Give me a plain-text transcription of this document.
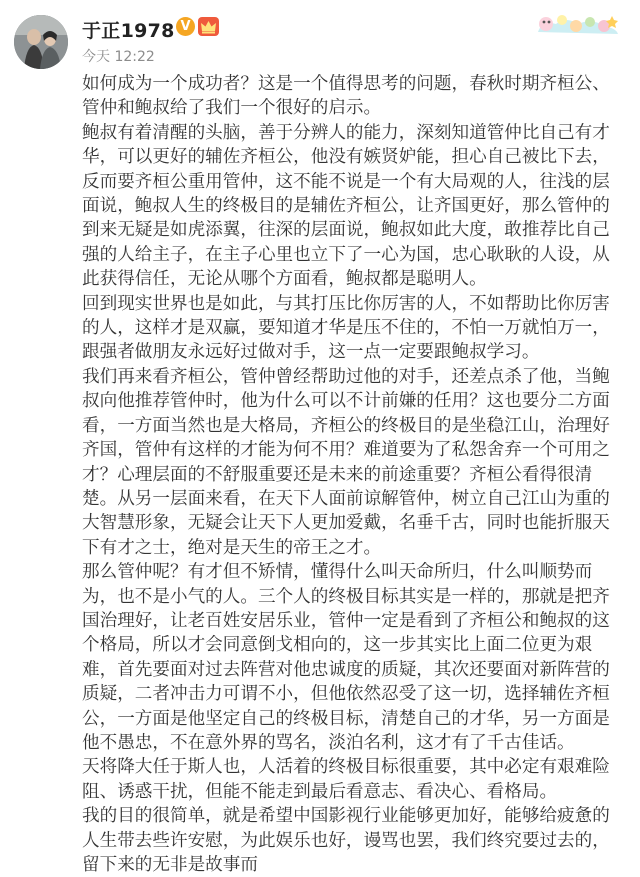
于正1978 V
今天 12:22

如何成为一个成功者？这是一个值得思考的问题，春秋时期齐桓公、管仲和鲍叔给了我们一个很好的启示。

鲍叔有着清醒的头脑，善于分辨人的能力，深刻知道管仲比自己有才华，可以更好的辅佐齐桓公，他没有嫉贤妒能，担心自己被比下去，反而要齐桓公重用管仲，这不能不说是一个有大局观的人，往浅的层面说，鲍叔人生的终极目的是辅佐齐桓公，让齐国更好，那么管仲的到来无疑是如虎添翼，往深的层面说，鲍叔如此大度，敢推荐比自己强的人给主子，在主子心里也立下了一心为国，忠心耿耿的人设，从此获得信任，无论从哪个方面看，鲍叔都是聪明人。

回到现实世界也是如此，与其打压比你厉害的人，不如帮助比你厉害的人，这样才是双赢，要知道才华是压不住的，不怕一万就怕万一，跟强者做朋友永远好过做对手，这一点一定要跟鲍叔学习。

我们再来看齐桓公，管仲曾经帮助过他的对手，还差点杀了他，当鲍叔向他推荐管仲时，他为什么可以不计前嫌的任用？这也要分二方面看，一方面当然也是大格局，齐桓公的终极目的是坐稳江山，治理好齐国，管仲有这样的才能为何不用？难道要为了私怨舍弃一个可用之才？心理层面的不舒服重要还是未来的前途重要？齐桓公看得很清楚。从另一层面来看，在天下人面前谅解管仲，树立自己江山为重的大智慧形象，无疑会让天下人更加爱戴，名垂千古，同时也能折服天下有才之士，绝对是天生的帝王之才。

那么管仲呢？有才但不矫情，懂得什么叫天命所归，什么叫顺势而为，也不是小气的人。三个人的终极目标其实是一样的，那就是把齐国治理好，让老百姓安居乐业，管仲一定是看到了齐桓公和鲍叔的这个格局，所以才会同意倒戈相向的，这一步其实比上面二位更为艰难，首先要面对过去阵营对他忠诚度的质疑，其次还要面对新阵营的质疑，二者冲击力可谓不小，但他依然忍受了这一切，选择辅佐齐桓公，一方面是他坚定自己的终极目标，清楚自己的才华，另一方面是他不愚忠，不在意外界的骂名，淡泊名利，这才有了千古佳话。

天将降大任于斯人也，人活着的终极目标很重要，其中必定有艰难险阻、诱惑干扰，但能不能走到最后看意志、看决心、看格局。

我的目的很简单，就是希望中国影视行业能够更加好，能够给疲惫的人生带去些许安慰，为此娱乐也好，谩骂也罢，我们终究要过去的，留下来的无非是故事而
